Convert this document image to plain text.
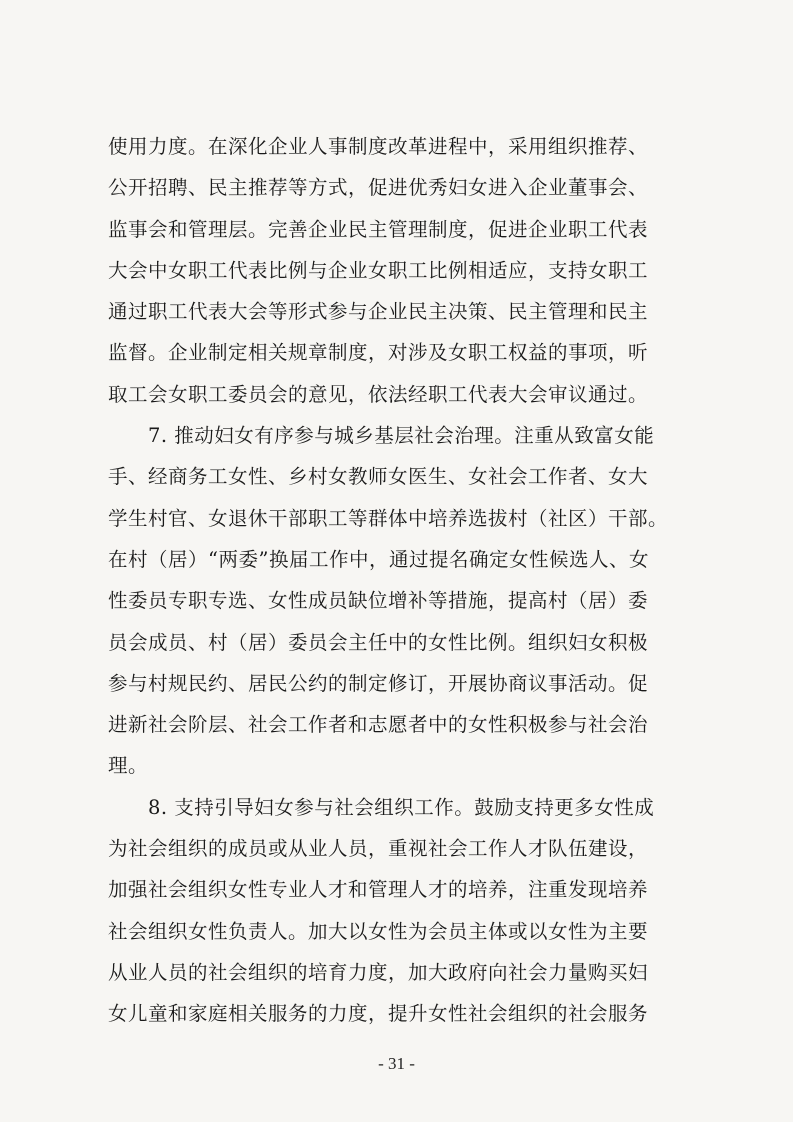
使用力度。在深化企业人事制度改革进程中，采用组织推荐、
公开招聘、民主推荐等方式，促进优秀妇女进入企业董事会、
监事会和管理层。完善企业民主管理制度，促进企业职工代表
大会中女职工代表比例与企业女职工比例相适应，支持女职工
通过职工代表大会等形式参与企业民主决策、民主管理和民主
监督。企业制定相关规章制度，对涉及女职工权益的事项，听
取工会女职工委员会的意见，依法经职工代表大会审议通过。
7. 推动妇女有序参与城乡基层社会治理。注重从致富女能
手、经商务工女性、乡村女教师女医生、女社会工作者、女大
学生村官、女退休干部职工等群体中培养选拔村（社区）干部。
在村（居）“两委”换届工作中，通过提名确定女性候选人、女
性委员专职专选、女性成员缺位增补等措施，提高村（居）委
员会成员、村（居）委员会主任中的女性比例。组织妇女积极
参与村规民约、居民公约的制定修订，开展协商议事活动。促
进新社会阶层、社会工作者和志愿者中的女性积极参与社会治
理。
8. 支持引导妇女参与社会组织工作。鼓励支持更多女性成
为社会组织的成员或从业人员，重视社会工作人才队伍建设，
加强社会组织女性专业人才和管理人才的培养，注重发现培养
社会组织女性负责人。加大以女性为会员主体或以女性为主要
从业人员的社会组织的培育力度，加大政府向社会力量购买妇
女儿童和家庭相关服务的力度，提升女性社会组织的社会服务
- 31 -
